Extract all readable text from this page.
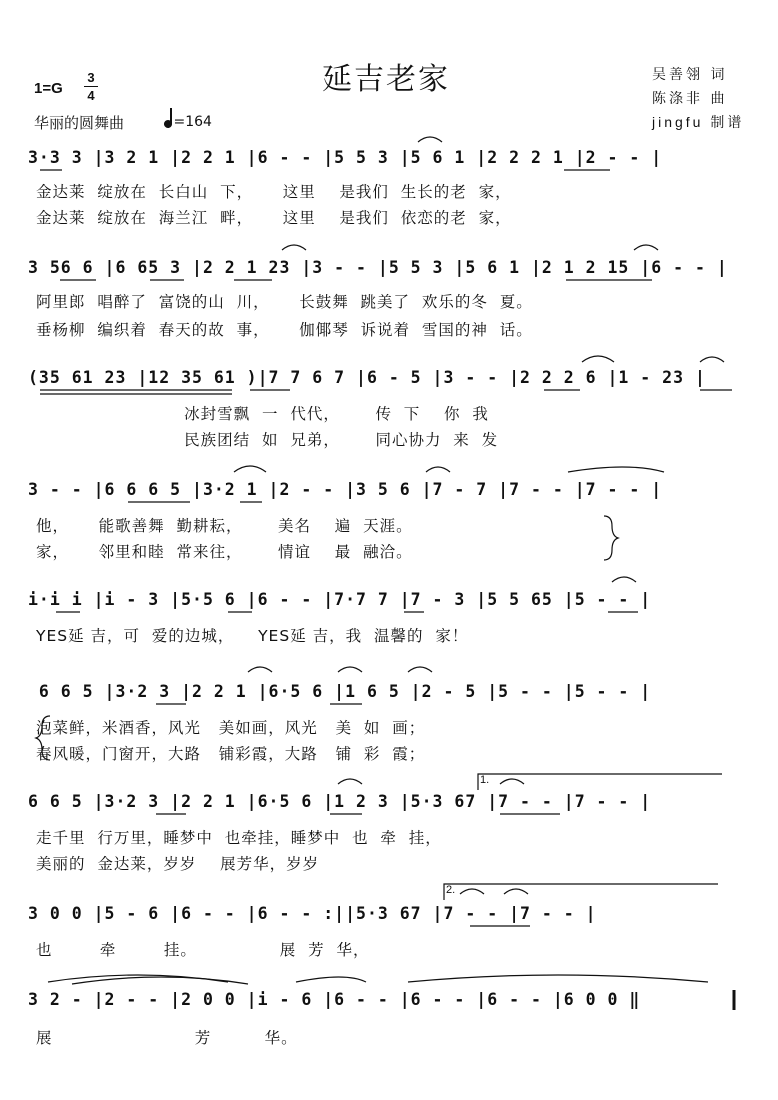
延吉老家
1=G
3
4
华丽的圆舞曲	=164
吴善翎 词
陈涤非 曲
jingfu 制谱
3·3 3 |3 2 1 |2 2 1 |6 - - |5 5 3 |5 6 1 |2 2 2 1 |2 - - |
金达莱  绽放在  长白山  下，     这里    是我们  生长的老  家，
金达莱  绽放在  海兰江  畔，     这里    是我们  依恋的老  家，
3 56 6 |6 65 3 |2 2 1 23 |3 - - |5 5 3 |5 6 1 |2 1 2 15 |6 - - |
阿里郎  唱醉了  富饶的山  川，     长鼓舞  跳美了  欢乐的冬  夏。
垂杨柳  编织着  春天的故  事，     伽倻琴  诉说着  雪国的神  话。
(35 61 23 |12 35 61 )|7 7 6 7 |6 - 5 |3 - - |2 2 2 6 |1 - 23 |
冰封雪飘  一  代代，      传  下    你  我
民族团结  如  兄弟，      同心协力  来  发
3 - - |6 6 6 5 |3·2 1 |2 - - |3 5 6 |7 - 7 |7 - - |7 - - |
他，     能歌善舞  勤耕耘，      美名    遍  天涯。
家，     邻里和睦  常来往，      情谊    最  融洽。
i·i i |i - 3 |5·5 6 |6 - - |7·7 7 |7 - 3 |5 5 65 |5 - - |
YES延 吉，可  爱的边城，    YES延 吉，我  温馨的  家！
6 6 5 |3·2 3 |2 2 1 |6·5 6 |1 6 5 |2 - 5 |5 - - |5 - - |
泡菜鲜，米酒香，风光   美如画，风光   美  如  画；
春风暖，门窗开，大路   铺彩霞，大路   铺  彩  霞；
6 6 5 |3·2 3 |2 2 1 |6·5 6 |1 2 3 |5·3 67 |7 - - |7 - - |
走千里  行万里，睡梦中  也牵挂，睡梦中  也  牵  挂，
美丽的  金达莱，岁岁    展芳华，岁岁
3 0 0 |5 - 6 |6 - - |6 - - :||5·3 67 |7 - - |7 - - |
也        牵        挂。              展  芳  华，
3 2 - |2 - - |2 0 0 |i - 6 |6 - - |6 - - |6 - - |6 0 0 ‖
展                        芳         华。
1.
2.
